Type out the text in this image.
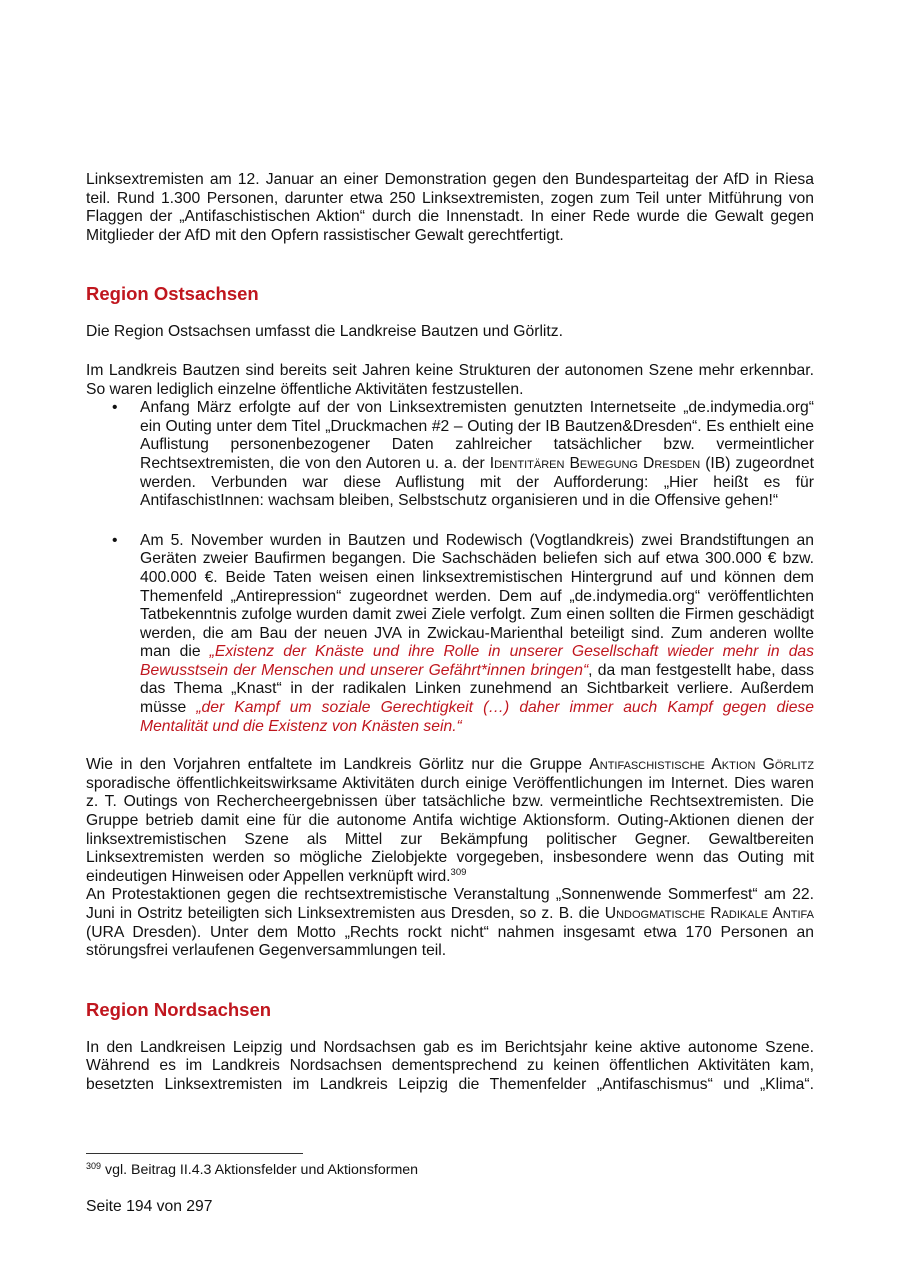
Linksextremisten am 12. Januar an einer Demonstration gegen den Bundesparteitag der AfD in Riesa teil. Rund 1.300 Personen, darunter etwa 250 Linksextremisten, zogen zum Teil unter Mitführung von Flaggen der „Antifaschistischen Aktion“ durch die Innenstadt. In einer Rede wurde die Gewalt gegen Mitglieder der AfD mit den Opfern rassistischer Gewalt gerechtfertigt.

Region Ostsachsen

Die Region Ostsachsen umfasst die Landkreise Bautzen und Görlitz.

Im Landkreis Bautzen sind bereits seit Jahren keine Strukturen der autonomen Szene mehr erkennbar. So waren lediglich einzelne öffentliche Aktivitäten festzustellen.

• Anfang März erfolgte auf der von Linksextremisten genutzten Internetseite „de.indymedia.org“ ein Outing unter dem Titel „Druckmachen #2 – Outing der IB Bautzen&Dresden“. Es enthielt eine Auflistung personenbezogener Daten zahlreicher tatsächlicher bzw. vermeintlicher Rechtsextremisten, die von den Autoren u. a. der Identitären Bewegung Dresden (IB) zugeordnet werden. Verbunden war diese Auflistung mit der Aufforderung: „Hier heißt es für AntifaschistInnen: wachsam bleiben, Selbstschutz organisieren und in die Offensive gehen!“
• Am 5. November wurden in Bautzen und Rodewisch (Vogtlandkreis) zwei Brandstiftungen an Geräten zweier Baufirmen begangen. Die Sachschäden beliefen sich auf etwa 300.000 € bzw. 400.000 €. Beide Taten weisen einen linksextremistischen Hintergrund auf und können dem Themenfeld „Antirepression“ zugeordnet werden. Dem auf „de.indymedia.org“ veröffentlichten Tatbekenntnis zufolge wurden damit zwei Ziele verfolgt. Zum einen sollten die Firmen geschädigt werden, die am Bau der neuen JVA in Zwickau-Marienthal beteiligt sind. Zum anderen wollte man die „Existenz der Knäste und ihre Rolle in unserer Gesellschaft wieder mehr in das Bewusstsein der Menschen und unserer Gefährt*innen bringen“, da man festgestellt habe, dass das Thema „Knast“ in der radikalen Linken zunehmend an Sichtbarkeit verliere. Außerdem müsse „der Kampf um soziale Gerechtigkeit (…) daher immer auch Kampf gegen diese Mentalität und die Existenz von Knästen sein.“

Wie in den Vorjahren entfaltete im Landkreis Görlitz nur die Gruppe Antifaschistische Aktion Görlitz sporadische öffentlichkeitswirksame Aktivitäten durch einige Veröffentlichungen im Internet. Dies waren z. T. Outings von Rechercheergebnissen über tatsächliche bzw. vermeintliche Rechtsextremisten. Die Gruppe betrieb damit eine für die autonome Antifa wichtige Aktionsform. Outing-Aktionen dienen der linksextremistischen Szene als Mittel zur Bekämpfung politischer Gegner. Gewaltbereiten Linksextremisten werden so mögliche Zielobjekte vorgegeben, insbesondere wenn das Outing mit eindeutigen Hinweisen oder Appellen verknüpft wird.$^{309}$

An Protestaktionen gegen die rechtsextremistische Veranstaltung „Sonnenwende Sommerfest“ am 22. Juni in Ostritz beteiligten sich Linksextremisten aus Dresden, so z. B. die Undogmatische Radikale Antifa (URA Dresden). Unter dem Motto „Rechts rockt nicht“ nahmen insgesamt etwa 170 Personen an störungsfrei verlaufenen Gegenversammlungen teil.

Region Nordsachsen

In den Landkreisen Leipzig und Nordsachsen gab es im Berichtsjahr keine aktive autonome Szene. Während es im Landkreis Nordsachsen dementsprechend zu keinen öffentlichen Aktivitäten kam, besetzten Linksextremisten im Landkreis Leipzig die Themenfelder „Antifaschismus“ und „Klima“.

$^{309}$ vgl. Beitrag II.4.3 Aktionsfelder und Aktionsformen
Seite 194 von 297
